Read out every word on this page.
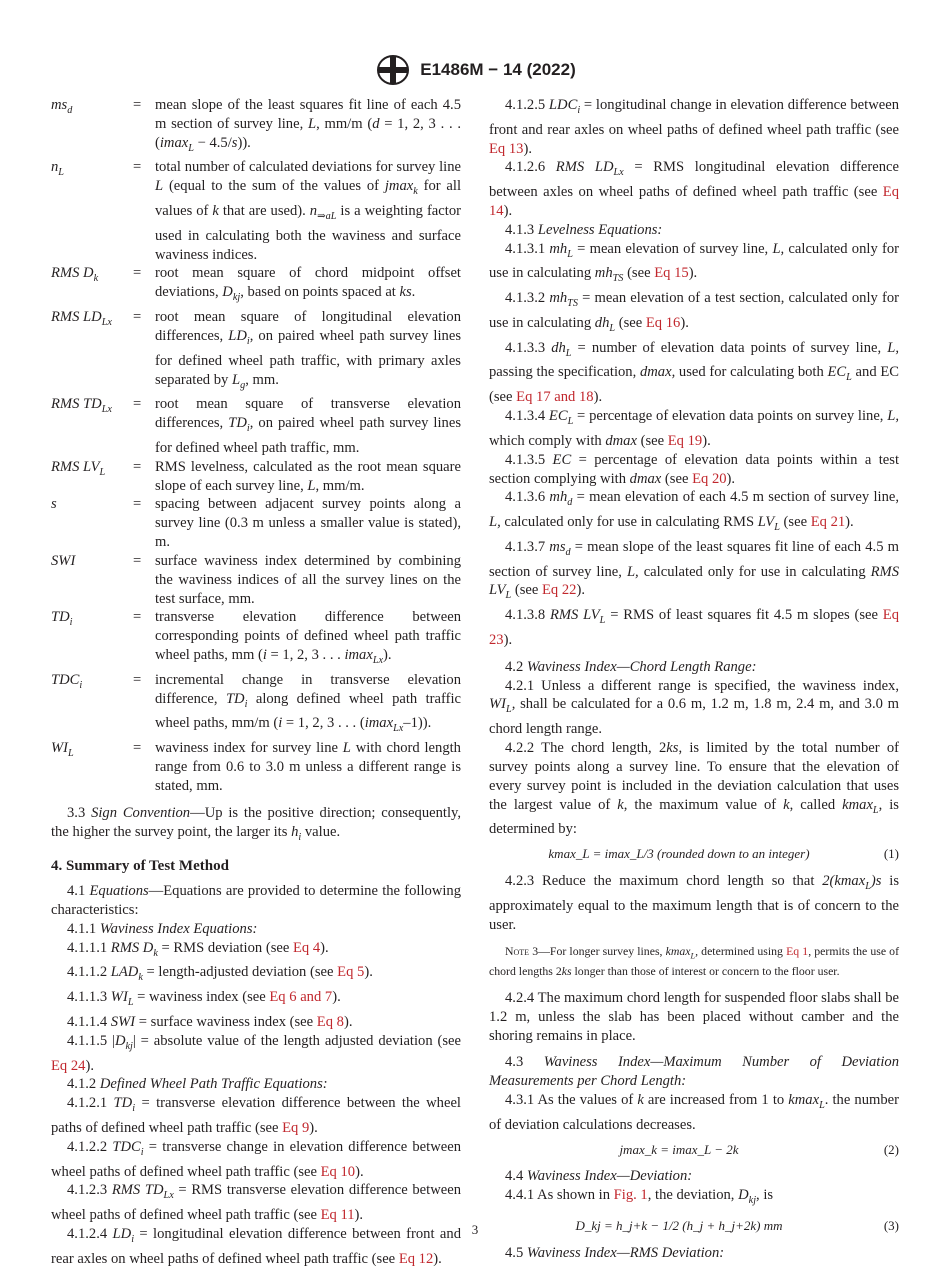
E1486M − 14 (2022)
$ms_d$	= mean slope of the least squares fit line of each 4.5 m section of survey line, L, mm/m (d = 1, 2, 3 . . . (imax$_L$ − 4.5/s)).
$n_L$	= total number of calculated deviations for survey line L (equal to the sum of the values of jmax$_k$ for all values of k that are used). $n_{\Rightarrow aL}$ is a weighting factor used in calculating both the waviness and surface waviness indices.
RMS $D_k$	= root mean square of chord midpoint offset deviations, $D_{kj}$, based on points spaced at ks.
RMS $LD_{Lx}$	= root mean square of longitudinal elevation differences, $LD_i$, on paired wheel path survey lines for defined wheel path traffic, with primary axles separated by $L_g$, mm.
RMS $TD_{Lx}$	= root mean square of transverse elevation differences, $TD_i$, on paired wheel path survey lines for defined wheel path traffic, mm.
RMS $LV_L$	= RMS levelness, calculated as the root mean square slope of each survey line, L, mm/m.
s	= spacing between adjacent survey points along a survey line (0.3 m unless a smaller value is stated), m.
SWI	= surface waviness index determined by combining the waviness indices of all the survey lines on the test surface, mm.
$TD_i$	= transverse elevation difference between corresponding points of defined wheel path traffic wheel paths, mm (i = 1, 2, 3 . . . imax$_{Lx}$).
$TDC_i$	= incremental change in transverse elevation difference, $TD_i$ along defined wheel path traffic wheel paths, mm/m (i = 1, 2, 3 . . . (imax$_{Lx}$–1)).
$WI_L$	= waviness index for survey line L with chord length range from 0.6 to 3.0 m unless a different range is stated, mm.

3.3 Sign Convention—Up is the positive direction; consequently, the higher the survey point, the larger its $h_i$ value.

4. Summary of Test Method

4.1 Equations—Equations are provided to determine the following characteristics:

4.1.1 Waviness Index Equations:

4.1.1.1 RMS $D_k$ = RMS deviation (see Eq 4).

4.1.1.2 $LAD_k$ = length-adjusted deviation (see Eq 5).

4.1.1.3 $WI_L$ = waviness index (see Eq 6 and 7).

4.1.1.4 SWI = surface waviness index (see Eq 8).

4.1.1.5 $|D_{kj}|$ = absolute value of the length adjusted deviation (see Eq 24).

4.1.2 Defined Wheel Path Traffic Equations:

4.1.2.1 $TD_i$ = transverse elevation difference between the wheel paths of defined wheel path traffic (see Eq 9).

4.1.2.2 $TDC_i$ = transverse change in elevation difference between wheel paths of defined wheel path traffic (see Eq 10).

4.1.2.3 RMS $TD_{Lx}$ = RMS transverse elevation difference between wheel paths of defined wheel path traffic (see Eq 11).

4.1.2.4 $LD_i$ = longitudinal elevation difference between front and rear axles on wheel paths of defined wheel path traffic (see Eq 12).

4.1.2.5 $LDC_i$ = longitudinal change in elevation difference between front and rear axles on wheel paths of defined wheel path traffic (see Eq 13).

4.1.2.6 RMS $LD_{Lx}$ = RMS longitudinal elevation difference between axles on wheel paths of defined wheel path traffic (see Eq 14).

4.1.3 Levelness Equations:

4.1.3.1 $mh_L$ = mean elevation of survey line, L, calculated only for use in calculating $mh_{TS}$ (see Eq 15).

4.1.3.2 $mh_{TS}$ = mean elevation of a test section, calculated only for use in calculating $dh_L$ (see Eq 16).

4.1.3.3 $dh_L$ = number of elevation data points of survey line, L, passing the specification, dmax, used for calculating both $EC_L$ and EC (see Eq 17 and 18).

4.1.3.4 $EC_L$ = percentage of elevation data points on survey line, L, which comply with dmax (see Eq 19).

4.1.3.5 EC = percentage of elevation data points within a test section complying with dmax (see Eq 20).

4.1.3.6 $mh_d$ = mean elevation of each 4.5 m section of survey line, L, calculated only for use in calculating RMS $LV_L$ (see Eq 21).

4.1.3.7 $ms_d$ = mean slope of the least squares fit line of each 4.5 m section of survey line, L, calculated only for use in calculating RMS $LV_L$ (see Eq 22).

4.1.3.8 RMS $LV_L$ = RMS of least squares fit 4.5 m slopes (see Eq 23).

4.2 Waviness Index—Chord Length Range:

4.2.1 Unless a different range is specified, the waviness index, $WI_L$, shall be calculated for a 0.6 m, 1.2 m, 1.8 m, 2.4 m, and 3.0 m chord length range.

4.2.2 The chord length, 2ks, is limited by the total number of survey points along a survey line. To ensure that the elevation of every survey point is included in the deviation calculation that uses the largest value of k, the maximum value of k, called kmax$_L$, is determined by:

kmax_L = imax_L/3 (rounded down to an integer)	(1)

4.2.3 Reduce the maximum chord length so that 2(kmax$_L$)s is approximately equal to the maximum length that is of concern to the user.

Note 3—For longer survey lines, kmax$_L$, determined using Eq 1, permits the use of chord lengths 2ks longer than those of interest or concern to the floor user.

4.2.4 The maximum chord length for suspended floor slabs shall be 1.2 m, unless the slab has been placed without camber and the shoring remains in place.

4.3 Waviness Index—Maximum Number of Deviation Measurements per Chord Length:

4.3.1 As the values of k are increased from 1 to kmax$_L$. the number of deviation calculations decreases.

jmax_k = imax_L − 2k	(2)

4.4 Waviness Index—Deviation:

4.4.1 As shown in Fig. 1, the deviation, $D_{kj}$, is

D_kj = h_j+k − 1/2 (h_j + h_j+2k) mm	(3)

4.5 Waviness Index—RMS Deviation:

3
